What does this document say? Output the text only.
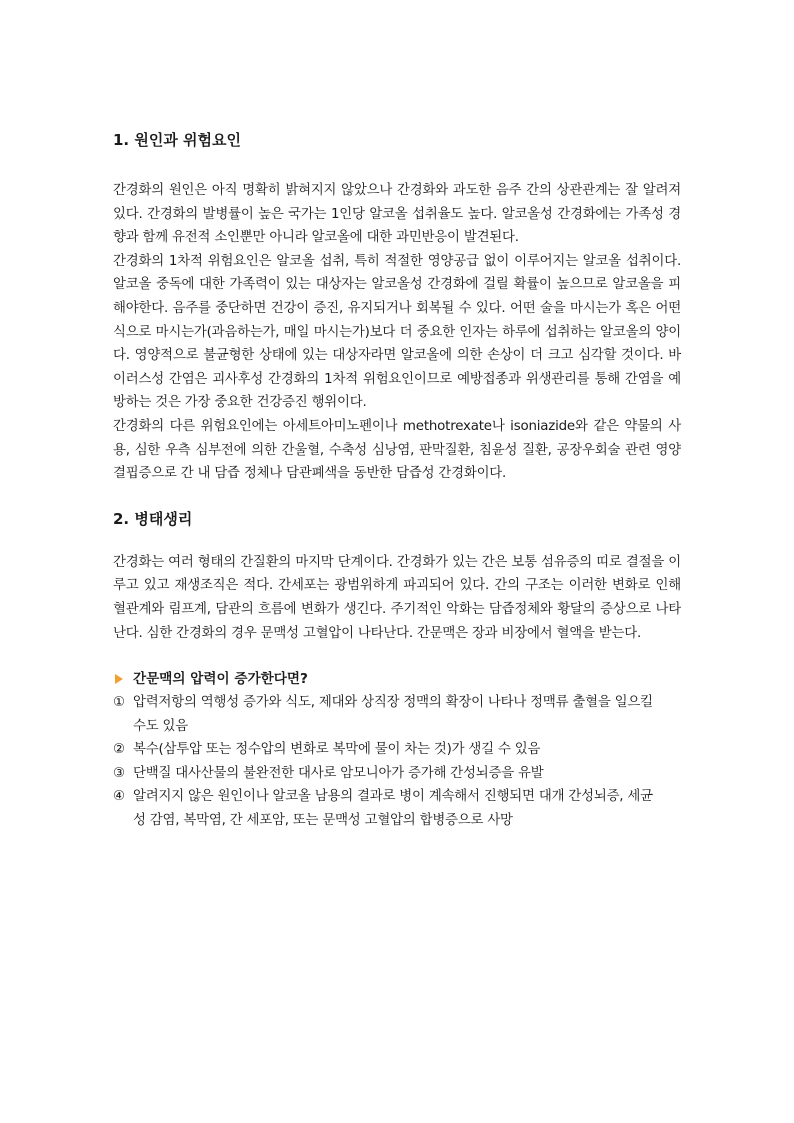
1. 원인과 위험요인

간경화의 원인은 아직 명확히 밝혀지지 않았으나 간경화와 과도한 음주 간의 상관관계는 잘 알려져 있다. 간경화의 발병률이 높은 국가는 1인당 알코올 섭취율도 높다. 알코올성 간경화에는 가족성 경향과 함께 유전적 소인뿐만 아니라 알코올에 대한 과민반응이 발견된다.

간경화의 1차적 위험요인은 알코올 섭취, 특히 적절한 영양공급 없이 이루어지는 알코올 섭취이다. 알코올 중독에 대한 가족력이 있는 대상자는 알코올성 간경화에 걸릴 확률이 높으므로 알코올을 피해야한다. 음주를 중단하면 건강이 증진, 유지되거나 회복될 수 있다. 어떤 술을 마시는가 혹은 어떤 식으로 마시는가(과음하는가, 매일 마시는가)보다 더 중요한 인자는 하루에 섭취하는 알코올의 양이다. 영양적으로 불균형한 상태에 있는 대상자라면 알코올에 의한 손상이 더 크고 심각할 것이다. 바이러스성 간염은 괴사후성 간경화의 1차적 위험요인이므로 예방접종과 위생관리를 통해 간염을 예방하는 것은 가장 중요한 건강증진 행위이다.

간경화의 다른 위험요인에는 아세트아미노펜이나 methotrexate나 isoniazide와 같은 약물의 사용, 심한 우측 심부전에 의한 간울혈, 수축성 심낭염, 판막질환, 침윤성 질환, 공장우회술 관련 영양결핍증으로 간 내 담즙 정체나 담관폐색을 동반한 담즙성 간경화이다.

2. 병태생리

간경화는 여러 형태의 간질환의 마지막 단계이다. 간경화가 있는 간은 보통 섬유증의 띠로 결절을 이루고 있고 재생조직은 적다. 간세포는 광범위하게 파괴되어 있다. 간의 구조는 이러한 변화로 인해 혈관계와 림프계, 담관의 흐름에 변화가 생긴다. 주기적인 악화는 담즙정체와 황달의 증상으로 나타난다. 심한 간경화의 경우 문맥성 고혈압이 나타난다. 간문맥은 장과 비장에서 혈액을 받는다.

간문맥의 압력이 증가한다면?
① 압력저항의 역행성 증가와 식도, 제대와 상직장 정맥의 확장이 나타나 정맥류 출혈을 일으킬 수도 있음
② 복수(삼투압 또는 정수압의 변화로 복막에 물이 차는 것)가 생길 수 있음
③ 단백질 대사산물의 불완전한 대사로 암모니아가 증가해 간성뇌증을 유발
④ 알려지지 않은 원인이나 알코올 남용의 결과로 병이 계속해서 진행되면 대개 간성뇌증, 세균성 감염, 복막염, 간 세포암, 또는 문맥성 고혈압의 합병증으로 사망
